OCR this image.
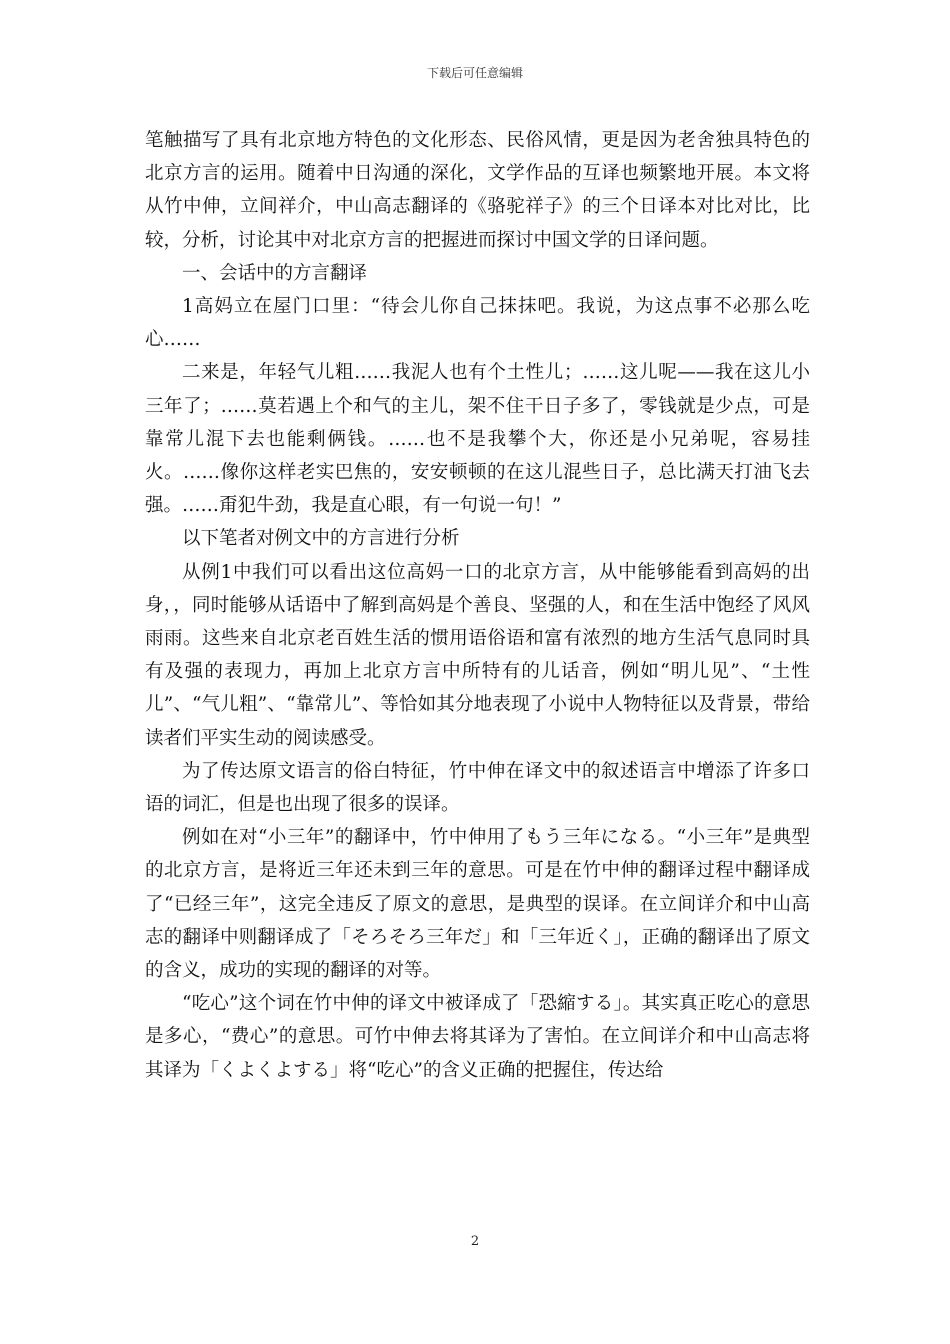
下载后可任意编辑

笔触描写了具有北京地方特色的文化形态、民俗风情，更是因为老舍独具特色的北京方言的运用。随着中日沟通的深化，文学作品的互译也频繁地开展。本文将从竹中伸，立间祥介，中山高志翻译的《骆驼祥子》的三个日译本对比对比，比较，分析，讨论其中对北京方言的把握进而探讨中国文学的日译问题。

一、会话中的方言翻译

1高妈立在屋门口里：“待会儿你自己抹抹吧。我说，为这点事不必那么吃心……

二来是，年轻气儿粗……我泥人也有个土性儿；……这儿呢——我在这儿小三年了；……莫若遇上个和气的主儿，架不住干日子多了，零钱就是少点，可是靠常儿混下去也能剩俩钱。……也不是我攀个大，你还是小兄弟呢，容易挂火。……像你这样老实巴焦的，安安顿顿的在这儿混些日子，总比满天打油飞去强。……甭犯牛劲，我是直心眼，有一句说一句！”

以下笔者对例文中的方言进行分析

从例1中我们可以看出这位高妈一口的北京方言，从中能够能看到高妈的出身，，同时能够从话语中了解到高妈是个善良、坚强的人，和在生活中饱经了风风雨雨。这些来自北京老百姓生活的惯用语俗语和富有浓烈的地方生活气息同时具有及强的表现力，再加上北京方言中所特有的儿话音，例如“明儿见”、“土性儿”、“气儿粗”、“靠常儿”、等恰如其分地表现了小说中人物特征以及背景，带给读者们平实生动的阅读感受。

为了传达原文语言的俗白特征，竹中伸在译文中的叙述语言中增添了许多口语的词汇，但是也出现了很多的误译。

例如在对“小三年”的翻译中，竹中伸用了もう三年になる。“小三年”是典型的北京方言，是将近三年还未到三年的意思。可是在竹中伸的翻译过程中翻译成了“已经三年”，这完全违反了原文的意思，是典型的误译。在立间详介和中山高志的翻译中则翻译成了「そろそろ三年だ」和「三年近く」，正确的翻译出了原文的含义，成功的实现的翻译的对等。

“吃心”这个词在竹中伸的译文中被译成了「恐縮する」。其实真正吃心的意思是多心，“费心”的意思。可竹中伸去将其译为了害怕。在立间详介和中山高志将其译为「くよくよする」将“吃心”的含义正确的把握住，传达给

2
